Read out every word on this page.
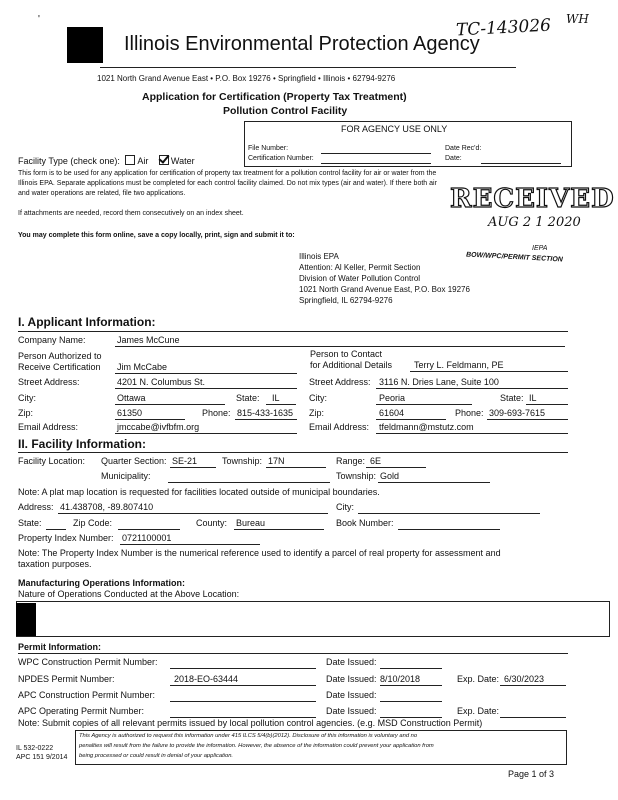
'	TC-143026 WH
Illinois Environmental Protection Agency
1021 North Grand Avenue East • P.O. Box 19276 • Springfield • Illinois • 62794-9276
Application for Certification (Property Tax Treatment)
Pollution Control Facility
FOR AGENCY USE ONLY
File Number:	Date Rec'd:
Certification Number:	Date:
Facility Type (check one): Air	Water
This form is to be used for any application for certification of property tax treatment for a pollution control facility for air or water from the
Illinois EPA. Separate applications must be completed for each control facility claimed. Do not mix types (air and water). If there both air
and water operations are related, file two applications.
If attachments are needed, record them consecutively on an index sheet.
You may complete this form online, save a copy locally, print, sign and submit it to:
RECEIVED
AUG 2 1 2020
IEPA
BOW/WPC/PERMIT SECTION
Illinois EPA
Attention: Al Keller, Permit Section
Division of Water Pollution Control
1021 North Grand Avenue East, P.O. Box 19276
Springfield, IL 62794-9276
I. Applicant Information:
Company Name:	James McCune
Person Authorized to
Receive Certification Jim McCabe
Person to Contact
for Additional Details Terry L. Feldmann, PE
Street Address:	4201 N. Columbus St.	Street Address: 3116 N. Dries Lane, Suite 100
City:	Ottawa	State: IL	City:	Peoria	State: IL
Zip:	61350	Phone: 815-433-1635 Zip:	61604	Phone: 309-693-7615
Email Address:	jmccabe@ivfbfm.org	Email Address: tfeldmann@mstutz.com
II. Facility Information:
Facility Location: Quarter Section: SE-21	Township: 17N	Range: 6E
Municipality:	Township: Gold
Note: A plat map location is requested for facilities located outside of municipal boundaries.
Address: 41.438708, -89.807410	City:
State:	Zip Code:	County: Bureau	Book Number:
Property Index Number: 0721100001
Note: The Property Index Number is the numerical reference used to identify a parcel of real property for assessment and
taxation purposes.
Manufacturing Operations Information:
Nature of Operations Conducted at the Above Location:
Permit Information:
WPC Construction Permit Number:	Date Issued:
NPDES Permit Number:	2018-EO-63444	Date Issued: 8/10/2018	Exp. Date: 6/30/2023
APC Construction Permit Number:	Date Issued:
APC Operating Permit Number:	Date Issued:	Exp. Date:
Note: Submit copies of all relevant permits issued by local pollution control agencies. (e.g. MSD Construction Permit)
IL 532-0222
APC 151 9/2014
This Agency is authorized to request this information under 415 ILCS 5/4(b)(2012). Disclosure of this information is voluntary and no
penalties will result from the failure to provide the information. However, the absence of the information could prevent your application from
being processed or could result in denial of your application.
Page 1 of 3
